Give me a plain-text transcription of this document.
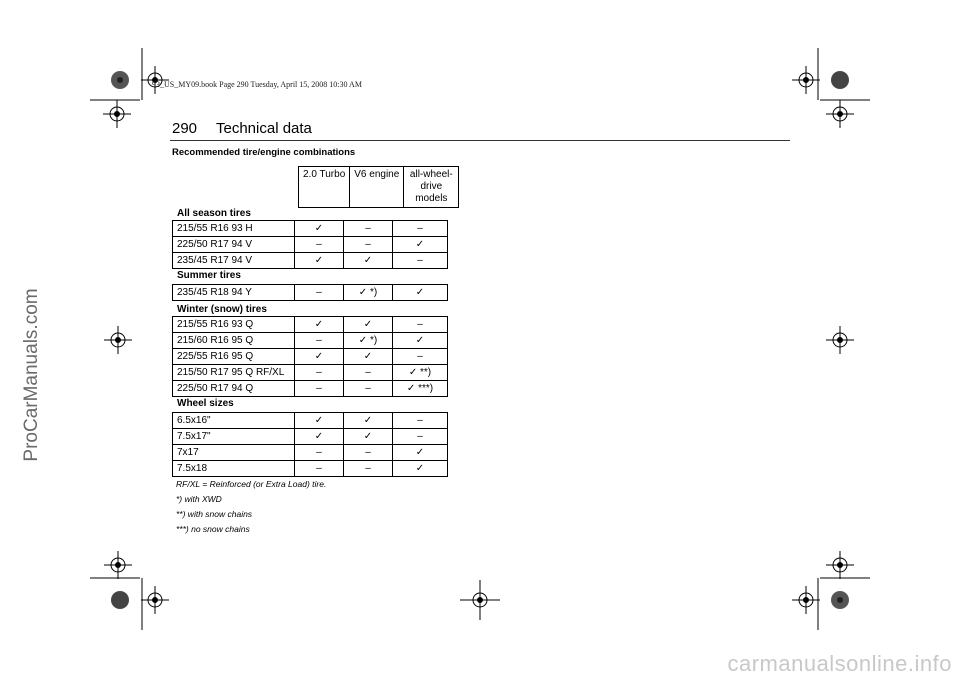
ProCarManuals.com
93_US_MY09.book Page 290 Tuesday, April 15, 2008 10:30 AM
290 Technical data
Recommended tire/engine combinations
2.0 Turbo	V6 engine	all-wheel-
drive
models
All season tires
215/55 R16 93 H	✓	–	–
225/50 R17 94 V	–	–	✓
235/45 R17 94 V	✓	✓	–
Summer tires
235/45 R18 94 Y	–	✓ *)	✓
Winter (snow) tires
215/55 R16 93 Q	✓	✓	–
215/60 R16 95 Q	–	✓ *)	✓
225/55 R16 95 Q	✓	✓	–
215/50 R17 95 Q RF/XL	–	–	✓ **)
225/50 R17 94 Q	–	–	✓ ***)
Wheel sizes
6.5x16"	✓	✓	–
7.5x17"	✓	✓	–
7x17	–	–	✓
7.5x18	–	–	✓
RF/XL = Reinforced (or Extra Load) tire.
*) with XWD
**) with snow chains
***) no snow chains
carmanualsonline.info
